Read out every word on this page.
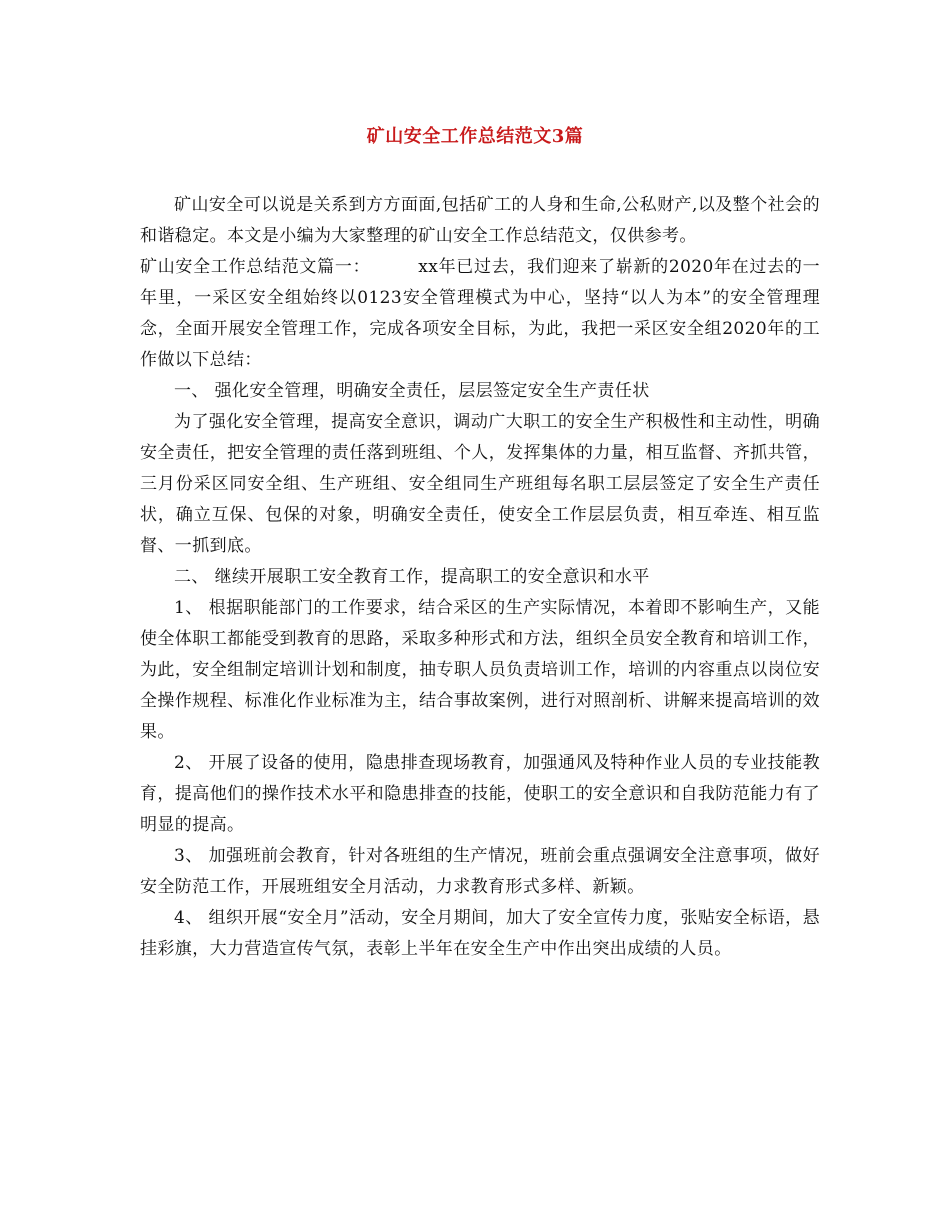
矿山安全工作总结范文3篇

矿山安全可以说是关系到方方面面,包括矿工的人身和生命,公私财产,以及整个社会的和谐稳定。本文是小编为大家整理的矿山安全工作总结范文，仅供参考。

矿山安全工作总结范文篇一：	xx年已过去，我们迎来了崭新的2020年在过去的一年里，一采区安全组始终以0123安全管理模式为中心，坚持“以人为本”的安全管理理念，全面开展安全管理工作，完成各项安全目标，为此，我把一采区安全组2020年的工作做以下总结：

一、 强化安全管理，明确安全责任，层层签定安全生产责任状

为了强化安全管理，提高安全意识，调动广大职工的安全生产积极性和主动性，明确安全责任，把安全管理的责任落到班组、个人，发挥集体的力量，相互监督、齐抓共管，三月份采区同安全组、生产班组、安全组同生产班组每名职工层层签定了安全生产责任状，确立互保、包保的对象，明确安全责任，使安全工作层层负责，相互牵连、相互监督、一抓到底。

二、 继续开展职工安全教育工作，提高职工的安全意识和水平

1、 根据职能部门的工作要求，结合采区的生产实际情况，本着即不影响生产，又能使全体职工都能受到教育的思路，采取多种形式和方法，组织全员安全教育和培训工作，为此，安全组制定培训计划和制度，抽专职人员负责培训工作，培训的内容重点以岗位安全操作规程、标准化作业标准为主，结合事故案例，进行对照剖析、讲解来提高培训的效果。

2、 开展了设备的使用，隐患排查现场教育，加强通风及特种作业人员的专业技能教育，提高他们的操作技术水平和隐患排查的技能，使职工的安全意识和自我防范能力有了明显的提高。

3、 加强班前会教育，针对各班组的生产情况，班前会重点强调安全注意事项，做好安全防范工作，开展班组安全月活动，力求教育形式多样、新颖。

4、 组织开展“安全月”活动，安全月期间，加大了安全宣传力度，张贴安全标语，悬挂彩旗，大力营造宣传气氛，表彰上半年在安全生产中作出突出成绩的人员。
